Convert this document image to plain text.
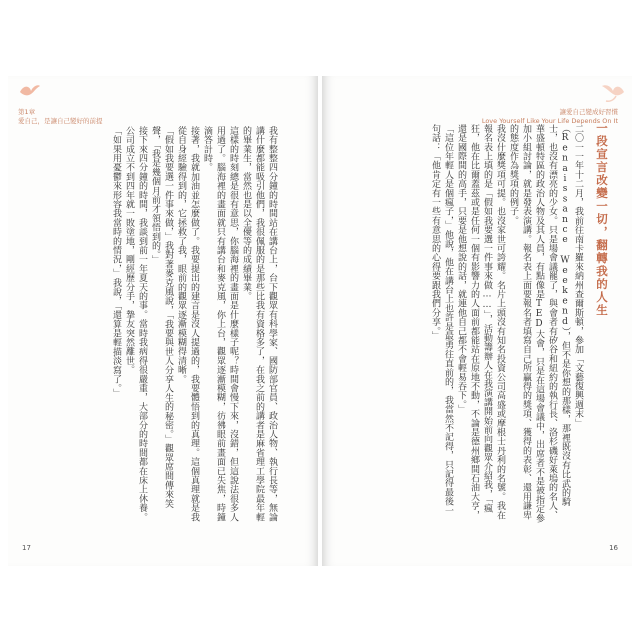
第1章
愛自己，是讓自己變好的前提
我有整整四分鐘的時間站在講台上，台下觀眾有科學家、國防部官員、政治人物、執行長等，無論講什麼都能吸引他們，我很佩服的是那些比我有資格多了，在我之前的講者是麻省理工學院最年輕的畢業生，當然也是以全優等的成績畢業。
這樣的時刻總是很有意思，你腦海裡的畫面是什麼樣子呢？時間會慢下來，沒錯，但這說法很多人用過了。腦海裡的畫面就只有講台和麥克風，你上台，觀眾逐漸模糊，彷彿眼前畫面已失焦，時鐘滴答計時。
接著，我就加油並怎麼做了。我要提出的建言是沒人提過的，我要體悟到的真理。這個真理就是我從自身經驗得到的，它拯救了我，眼前的觀眾逐漸模糊得清晰。
「假如我要選一件事來做，」我對著麥克風說，「我要與世人分享人生的秘密。」觀眾席間傳來笑聲，「我是幾個月前才領悟到的。」
接下來四分鐘的時間，我談到前一年夏天的事。當時我病得很嚴重，大部分的時間都在床上休養。公司成立不到四年就一敗塗地，剛經歷分手，摯友突然離世。
「如果用憂鬱來形容我當時的情況，」我說，「還算是輕描淡寫了。」
17
讓愛自己變成好習慣
Love Yourself Like Your Life Depends On It
一段宣言改變一切，翻轉我的人生
二〇一一年十二月，我前往南卡羅來納州查爾斯頓，參加「文藝復興週末」（Renaissance Weekend），但不是你想的那樣，那裡既沒有比武的騎士，也沒有漂亮的少女。只是場會議罷了，與會者有矽谷和紐約的執行長、洛杉磯好萊塢的名人、華盛頓特區的政治人物及其人員，有點像是TED大會，只是在這場會議中，出席者不是被指定參加小組討論，就是發表演講。報名表上面要報名者填寫自己所贏得的獎項、獲得的表彰、還用謙卑的態度作為獎項的例子。
我沒什麼獎項可提。也沒家世可誇耀。名片上頭沒有知名投資公司高盛或摩根士丹利的名號。我在報名表上填的是「假如我要選一件事來做……」，活動籌辦人在我演講開始前向觀眾介紹我，「瘋狂，他在比爾蓋茲或是任何一個有影響力的人面前都能站在原地不動，不論是德州鄉間石油大亨，還是國際間的高手，只要是他想說的話，就連他自己都不會輕易吞下。」
「這位年輕人是個瘋子，」他說，他在講台上也許是最勇往直前的，我當然不記得，只記得最後一句話：「他肯定有一些有意思的心得要跟我們分享。」
16
